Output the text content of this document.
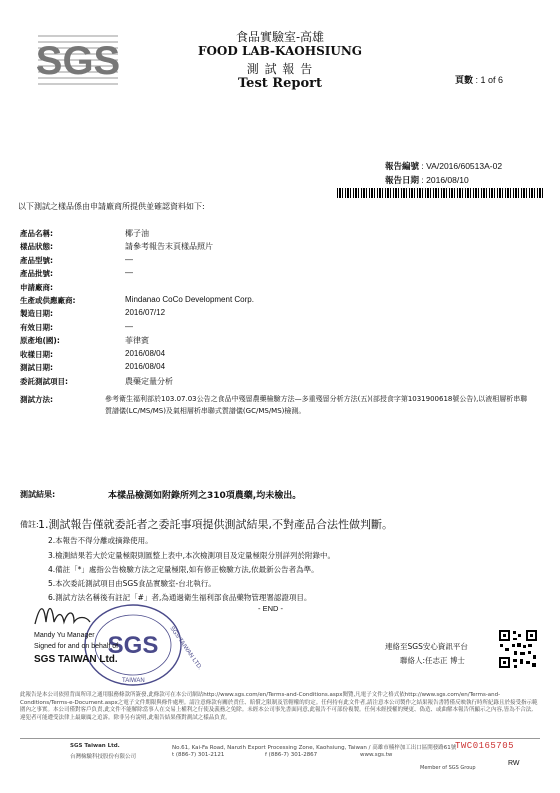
SGS
食品實驗室-高雄
FOOD LAB-KAOHSIUNG
測 試 報 告
Test Report	頁數 : 1 of 6
報告編號 : VA/2016/60513A-02
報告日期 : 2016/08/10
以下測試之樣品係由申請廠商所提供並確認資料如下:
產品名稱:	椰子油
樣品狀態:	請參考報告末頁樣品照片
產品型號:	—
產品批號:	—
申請廠商:
生產或供應廠商:	Mindanao CoCo Development Corp.
製造日期:	2016/07/12
有效日期:	—
原產地(國):	菲律賓
收樣日期:	2016/08/04
測試日期:	2016/08/04
委託測試項目:	農藥定量分析
測試方法:	參考衛生福利部於103.07.03公告之食品中殘留農藥檢驗方法—多重殘留分析方法(五)(部授食字第1031900618號公告),以液相層析串聯質譜儀(LC/MS/MS)及氣相層析串聯式質譜儀(GC/MS/MS)檢測。
測試結果:	本樣品檢測如附錄所列之310項農藥,均未檢出。
備註: 1.測試報告僅就委託者之委託事項提供測試結果,不對產品合法性做判斷。
2.本報告不得分離或摘錄使用。
3.檢測結果若大於定量極限則匯整上表中,本次檢測項目及定量極限分別詳列於附錄中。
4.備註「*」處指公告檢驗方法之定量極限,如有修正檢驗方法,依最新公告者為準。
5.本次委託測試項目由SGS食品實驗室-台北執行。
6.測試方法名稱後有註記「#」者,為通過衛生福利部食品藥物管理署認證項目。
- END -
SGS SGS TAIWAN LTD.
TAIWAN
Mandy Yu Manager
Signed for and on behalf of
SGS TAIWAN Ltd.
連絡至SGS安心資訊平台
聯絡人:任志正 博士
此報告是本公司依照背面所印之通用服務條款所簽發,此條款可在本公司網站http://www.sgs.com/en/Terms-and-Conditions.aspx閱覽,凡電子文件之格式依http://www.sgs.com/en/Terms-and-Conditions/Terms-e-Document.aspx之電子文件期限與條件處理。請注意條款有關於責任、賠償之限制及管轄權的約定。任何持有此文件者,請注意本公司製作之結果報告書將僅反映執行時所紀錄且於接受指示範圍內之事實。本公司僅對客戶負責,此文件不能解除當事人在交易上權利之行使及義務之免除。未經本公司事先書面同意,此報告不可部份複製。任何未經授權的變更、偽造、或曲解本報告所顯示之內容,皆為不合法,違犯者可能遭受法律上最嚴厲之追訴。除非另有說明,此報告結果僅對測試之樣品負責。
SGS Taiwan Ltd.
台灣檢驗科技股份有限公司
No.61, Kai-Fa Road, Nanzih Export Processing Zone, Kaohsiung, Taiwan / 高雄市楠梓加工出口區開發路61號
t (886-7) 301-2121	f (886-7) 301-2867	www.sgs.tw
Member of SGS Group
TWC0165705
RW
